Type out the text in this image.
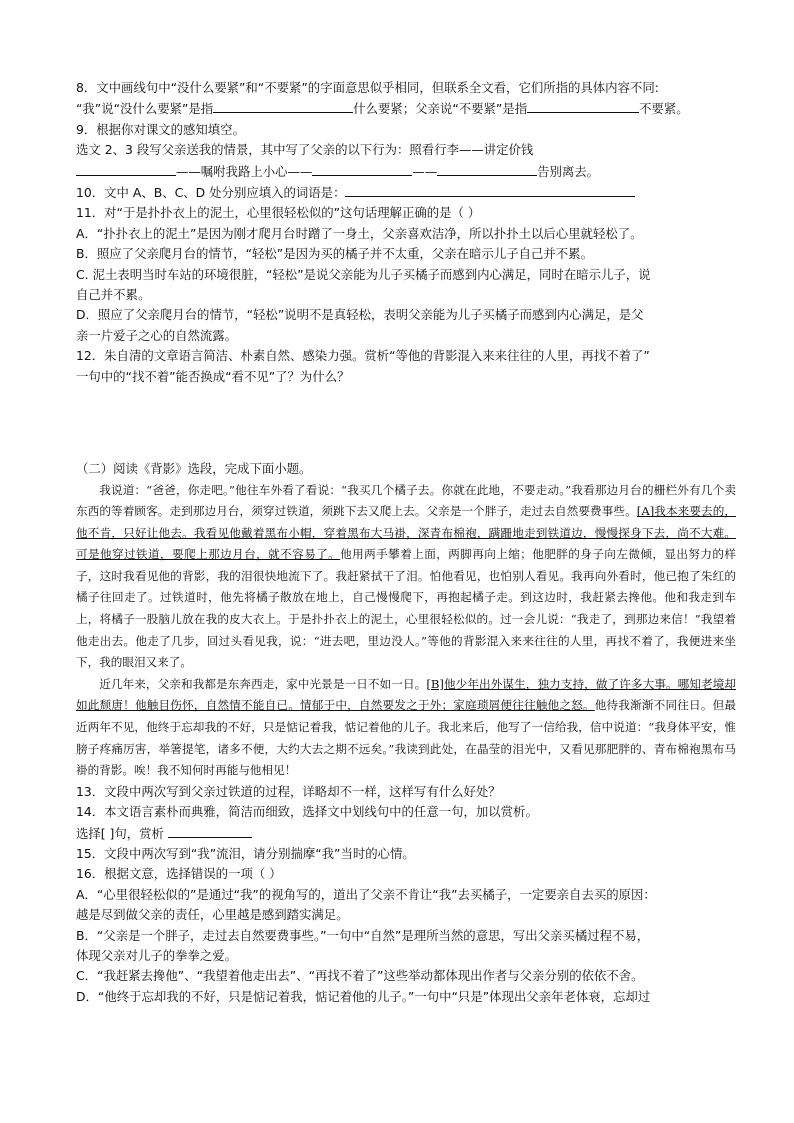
8．文中画线句中“没什么要紧”和“不要紧”的字面意思似乎相同，但联系全文看，它们所指的具体内容不同:

“我”说“没什么要紧”是指	什么要紧；父亲说“不要紧”是指	不要紧。

9．根据你对课文的感知填空。

选文 2、3 段写父亲送我的情景，其中写了父亲的以下行为：照看行李——讲定价钱

——嘱咐我路上小心——	——	告别离去。

10．文中 A、B、C、D 处分别应填入的词语是：

11．对“于是扑扑衣上的泥土，心里很轻松似的”这句话理解正确的是（ ）

A．“扑扑衣上的泥土”是因为刚才爬月台时蹭了一身土，父亲喜欢洁净，所以扑扑土以后心里就轻松了。

B．照应了父亲爬月台的情节，“轻松”是因为买的橘子并不太重，父亲在暗示儿子自己并不累。

C. 泥土表明当时车站的环境很脏，“轻松”是说父亲能为儿子买橘子而感到内心满足，同时在暗示儿子，说

自己并不累。

D．照应了父亲爬月台的情节，“轻松”说明不是真轻松，表明父亲能为儿子买橘子而感到内心满足，是父

亲一片爱子之心的自然流露。

12．朱自清的文章语言简洁、朴素自然、感染力强。赏析“等他的背影混入来来往往的人里，再找不着了”

一句中的“找不着”能否换成“看不见”了？为什么？

（二）阅读《背影》选段，完成下面小题。

我说道：“爸爸，你走吧。”他往车外看了看说：“我买几个橘子去。你就在此地，不要走动。”我看那边月台的栅栏外有几个卖东西的等着顾客。走到那边月台，须穿过铁道，须跳下去又爬上去。父亲是一个胖子，走过去自然要费事些。[A]我本来要去的，他不肯，只好让他去。我看见他戴着黑布小帽，穿着黑布大马褂，深青布棉袍，蹒跚地走到铁道边，慢慢探身下去，尚不大难。可是他穿过铁道，要爬上那边月台，就不容易了。他用两手攀着上面，两脚再向上缩；他肥胖的身子向左微倾，显出努力的样子，这时我看见他的背影，我的泪很快地流下了。我赶紧拭干了泪。怕他看见，也怕别人看见。我再向外看时，他已抱了朱红的橘子往回走了。过铁道时，他先将橘子散放在地上，自己慢慢爬下，再抱起橘子走。到这边时，我赶紧去搀他。他和我走到车上，将橘子一股脑儿放在我的皮大衣上。于是扑扑衣上的泥土，心里很轻松似的。过一会儿说：“我走了，到那边来信！”我望着他走出去。他走了几步，回过头看见我，说：“进去吧，里边没人。”等他的背影混入来来往往的人里，再找不着了，我便进来坐下，我的眼泪又来了。

近几年来，父亲和我都是东奔西走，家中光景是一日不如一日。[B]他少年出外谋生，独力支持，做了许多大事。哪知老境却如此颓唐！他触目伤怀，自然情不能自已。情郁于中，自然要发之于外；家庭琐屑便往往触他之怒。他待我渐渐不同往日。但最近两年不见，他终于忘却我的不好，只是惦记着我，惦记着他的儿子。我北来后，他写了一信给我，信中说道：“我身体平安，惟膀子疼痛厉害，举箸提笔，诸多不便，大约大去之期不远矣。”我读到此处，在晶莹的泪光中，又看见那肥胖的、青布棉袍黑布马褂的背影。唉！我不知何时再能与他相见！

13．文段中两次写到父亲过铁道的过程，详略却不一样，这样写有什么好处？

14．本文语言素朴而典雅，简洁而细致，选择文中划线句中的任意一句，加以赏析。

选择[ ]句，赏析

15．文段中两次写到“我”流泪，请分别揣摩“我”当时的心情。

16．根据文意，选择错误的一项（ ）

A．“心里很轻松似的”是通过“我”的视角写的，道出了父亲不肯让“我”去买橘子，一定要亲自去买的原因：

越是尽到做父亲的责任，心里越是感到踏实满足。

B．“父亲是一个胖子，走过去自然要费事些。”一句中“自然”是理所当然的意思，写出父亲买橘过程不易，

体现父亲对儿子的拳拳之爱。

C．“我赶紧去搀他”、“我望着他走出去”、“再找不着了”这些举动都体现出作者与父亲分别的依依不舍。

D．“他终于忘却我的不好，只是惦记着我，惦记着他的儿子。”一句中“只是”体现出父亲年老体衰，忘却过
